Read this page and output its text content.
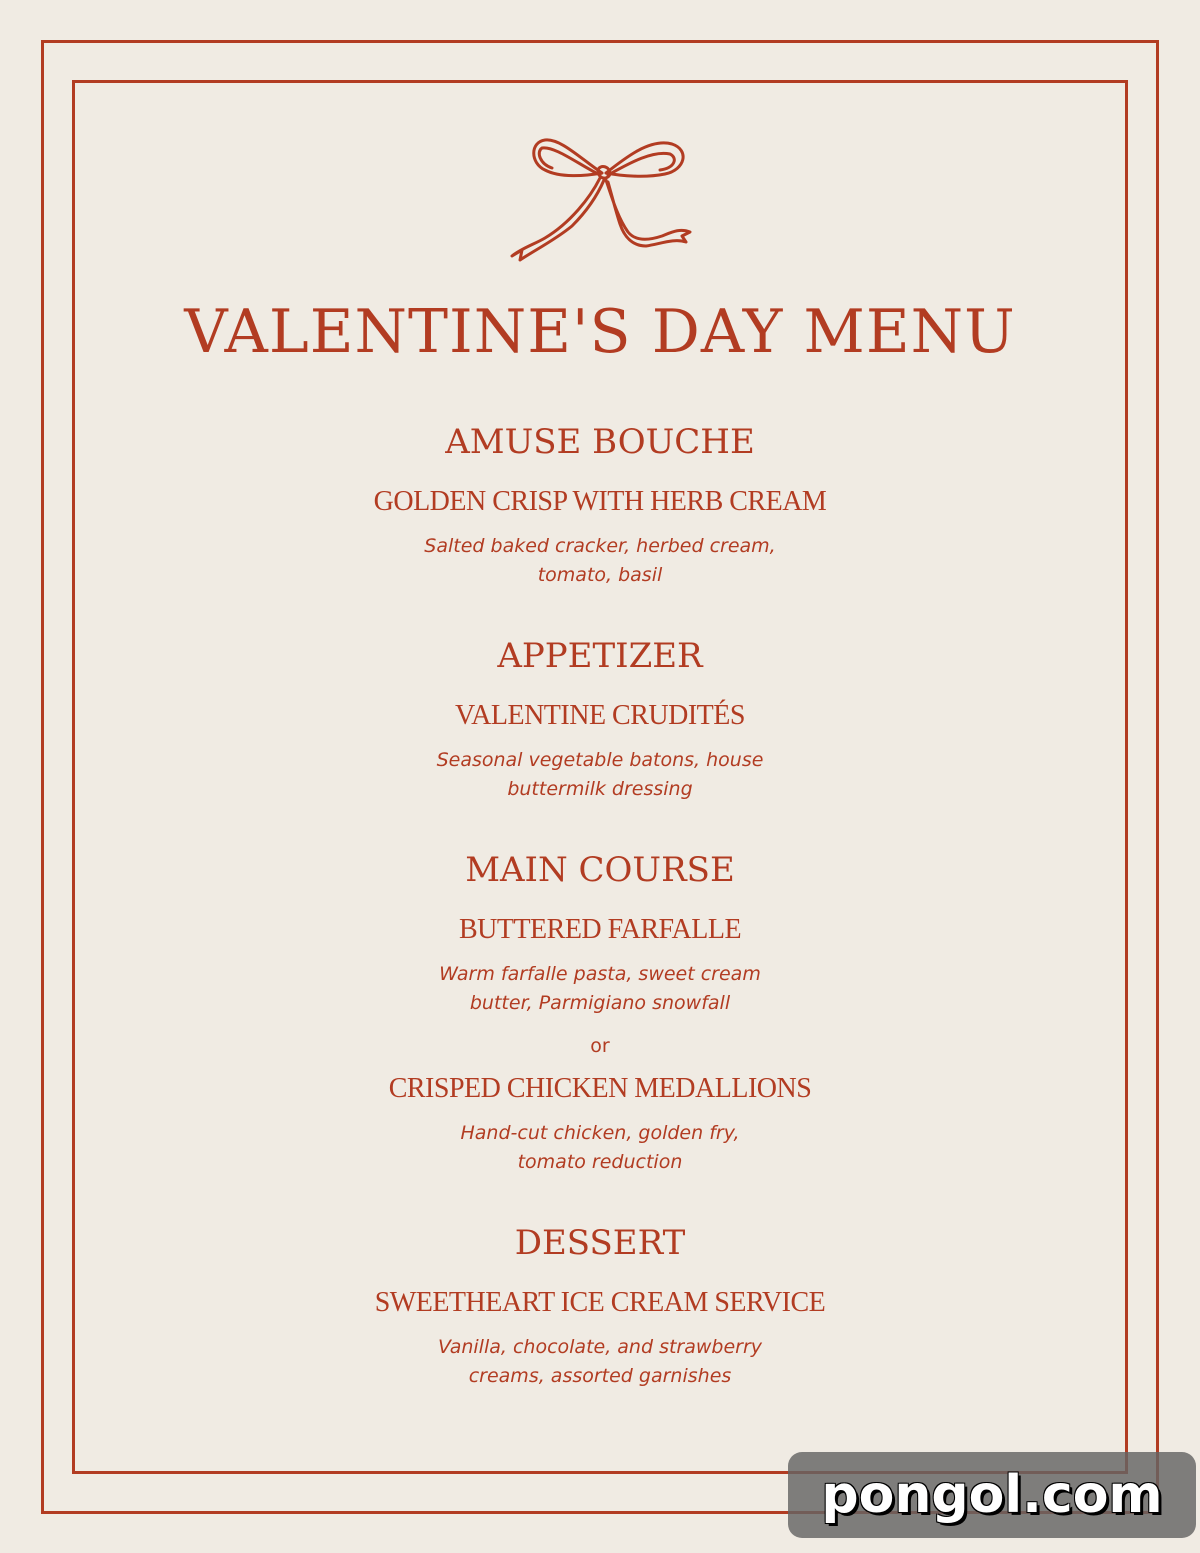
VALENTINE'S DAY MENU

AMUSE BOUCHE

GOLDEN CRISP WITH HERB CREAM

Salted baked cracker, herbed cream,

tomato, basil

APPETIZER

VALENTINE CRUDITÉS

Seasonal vegetable batons, house

buttermilk dressing

MAIN COURSE

BUTTERED FARFALLE

Warm farfalle pasta, sweet cream

butter, Parmigiano snowfall

or

CRISPED CHICKEN MEDALLIONS

Hand-cut chicken, golden fry,

tomato reduction

DESSERT

SWEETHEART ICE CREAM SERVICE

Vanilla, chocolate, and strawberry

creams, assorted garnishes

pongol.com
